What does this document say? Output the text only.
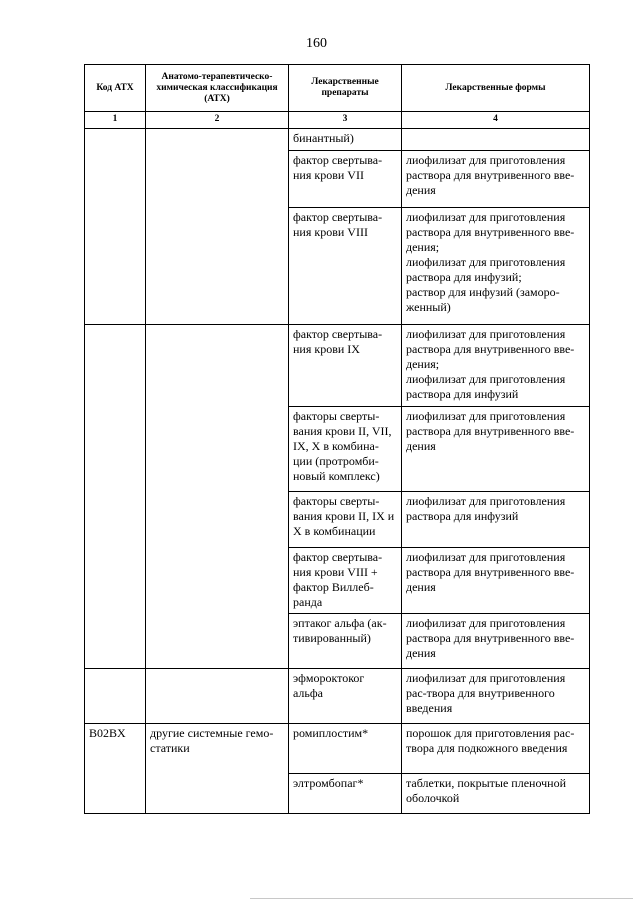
160
Код АТХ	Анатомо-терапевтическо-химическая классификация (АТХ)	Лекарственные препараты	Лекарственные формы
1	2	3	4
		бинантный)	
		фактор свертыва-ния крови VII	лиофилизат для приготовления раствора для внутривенного вве-дения
		фактор свертыва-ния крови VIII	лиофилизат для приготовления раствора для внутривенного вве-дения;
лиофилизат для приготовления раствора для инфузий;
раствор для инфузий (заморо-женный)
		фактор свертыва-ния крови IX	лиофилизат для приготовления раствора для внутривенного вве-дения;
лиофилизат для приготовления раствора для инфузий
		факторы сверты-вания крови II, VII, IX, X в комбина-ции (протромби-новый комплекс)	лиофилизат для приготовления раствора для внутривенного вве-дения
		факторы сверты-вания крови II, IX и X в комбинации	лиофилизат для приготовления раствора для инфузий
		фактор свертыва-ния крови VIII + фактор Виллеб-ранда	лиофилизат для приготовления раствора для внутривенного вве-дения
		эптаког альфа (ак-тивированный)	лиофилизат для приготовления раствора для внутривенного вве-дения
		эфмороктоког альфа	лиофилизат для приготовления рас-твора для внутривенного введения
B02BX	другие системные гемо-статики	ромиплостим*	порошок для приготовления рас-твора для подкожного введения
		элтромбопаг*	таблетки, покрытые пленочной оболочкой
